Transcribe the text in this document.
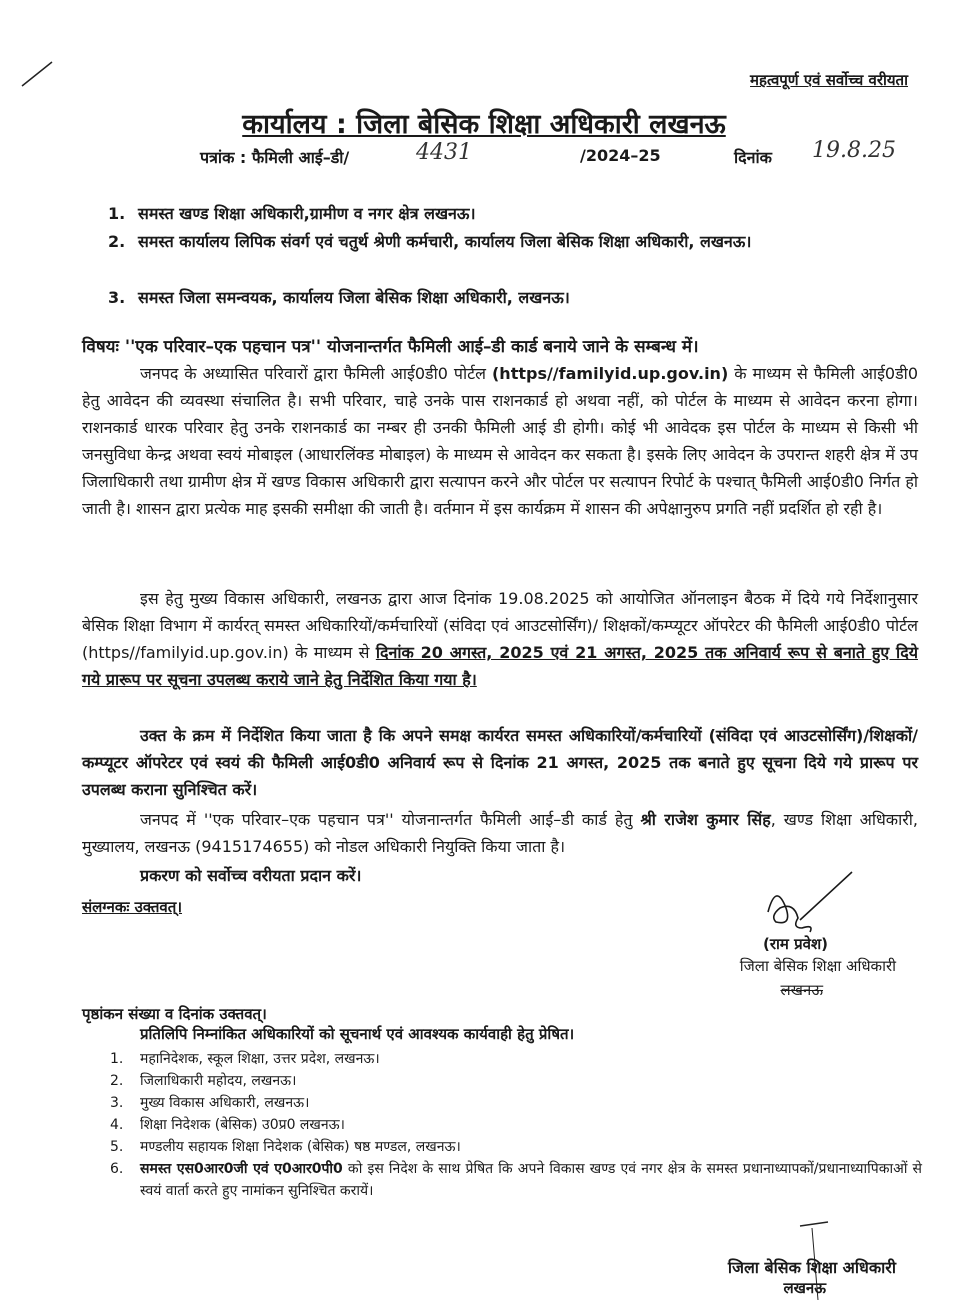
महत्वपूर्ण एवं सर्वोच्च वरीयता
कार्यालय : जिला बेसिक शिक्षा अधिकारी लखनऊ
पत्रांक : फैमिली आई–डी/	4431	/2024–25	दिनांक 19.8.25
1. समस्त खण्ड शिक्षा अधिकारी,ग्रामीण व नगर क्षेत्र लखनऊ।
2. समस्त कार्यालय लिपिक संवर्ग एवं चतुर्थ श्रेणी कर्मचारी, कार्यालय जिला बेसिक शिक्षा अधिकारी, लखनऊ।
3. समस्त जिला समन्वयक, कार्यालय जिला बेसिक शिक्षा अधिकारी, लखनऊ।
विषयः ''एक परिवार–एक पहचान पत्र'' योजनान्तर्गत फैमिली आई–डी कार्ड बनाये जाने के सम्बन्ध में।
जनपद के अध्यासित परिवारों द्वारा फैमिली आई0डी0 पोर्टल (https//familyid.up.gov.in) के माध्यम से फैमिली आई0डी0 हेतु आवेदन की व्यवस्था संचालित है। सभी परिवार, चाहे उनके पास राशनकार्ड हो अथवा नहीं, को पोर्टल के माध्यम से आवेदन करना होगा। राशनकार्ड धारक परिवार हेतु उनके राशनकार्ड का नम्बर ही उनकी फैमिली आई डी होगी। कोई भी आवेदक इस पोर्टल के माध्यम से किसी भी जनसुविधा केन्द्र अथवा स्वयं मोबाइल (आधारलिंक्ड मोबाइल) के माध्यम से आवेदन कर सकता है। इसके लिए आवेदन के उपरान्त शहरी क्षेत्र में उप जिलाधिकारी तथा ग्रामीण क्षेत्र में खण्ड विकास अधिकारी द्वारा सत्यापन करने और पोर्टल पर सत्यापन रिपोर्ट के पश्चात् फैमिली आई0डी0 निर्गत हो जाती है। शासन द्वारा प्रत्येक माह इसकी समीक्षा की जाती है। वर्तमान में इस कार्यक्रम में शासन की अपेक्षानुरुप प्रगति नहीं प्रदर्शित हो रही है।
इस हेतु मुख्य विकास अधिकारी, लखनऊ द्वारा आज दिनांक 19.08.2025 को आयोजित ऑनलाइन बैठक में दिये गये निर्देशानुसार बेसिक शिक्षा विभाग में कार्यरत् समस्त अधिकारियों/कर्मचारियों (संविदा एवं आउटसोर्सिंग)/ शिक्षकों/कम्प्यूटर ऑपरेटर की फैमिली आई0डी0 पोर्टल (https//familyid.up.gov.in) के माध्यम से दिनांक 20 अगस्त, 2025 एवं 21 अगस्त, 2025 तक अनिवार्य रूप से बनाते हुए दिये गये प्रारूप पर सूचना उपलब्ध कराये जाने हेतु निर्देशित किया गया है।
उक्त के क्रम में निर्देशित किया जाता है कि अपने समक्ष कार्यरत समस्त अधिकारियों/कर्मचारियों (संविदा एवं आउटसोर्सिंग)/शिक्षकों/कम्प्यूटर ऑपरेटर एवं स्वयं की फैमिली आई0डी0 अनिवार्य रूप से दिनांक 21 अगस्त, 2025 तक बनाते हुए सूचना दिये गये प्रारूप पर उपलब्ध कराना सुनिश्चित करें।
जनपद में ''एक परिवार–एक पहचान पत्र'' योजनान्तर्गत फैमिली आई–डी कार्ड हेतु श्री राजेश कुमार सिंह, खण्ड शिक्षा अधिकारी, मुख्यालय, लखनऊ (9415174655) को नोडल अधिकारी नियुक्ति किया जाता है।
प्रकरण को सर्वोच्च वरीयता प्रदान करें।
संलग्नकः उक्तवत्।
(राम प्रवेश)
जिला बेसिक शिक्षा अधिकारी
लखनऊ
पृष्ठांकन संख्या व दिनांक उक्तवत्।
प्रतिलिपि निम्नांकित अधिकारियों को सूचनार्थ एवं आवश्यक कार्यवाही हेतु प्रेषित।
1.	महानिदेशक, स्कूल शिक्षा, उत्तर प्रदेश, लखनऊ।
2.	जिलाधिकारी महोदय, लखनऊ।
3.	मुख्य विकास अधिकारी, लखनऊ।
4.	शिक्षा निदेशक (बेसिक) उ0प्र0 लखनऊ।
5.	मण्डलीय सहायक शिक्षा निदेशक (बेसिक) षष्ठ मण्डल, लखनऊ।
6.	समस्त एस0आर0जी एवं ए0आर0पी0 को इस निदेश के साथ प्रेषित कि अपने विकास खण्ड एवं नगर क्षेत्र के समस्त प्रधानाध्यापकों/प्रधानाध्यापिकाओं से स्वयं वार्ता करते हुए नामांकन सुनिश्चित करायें।
जिला बेसिक शिक्षा अधिकारी
लखनऊ
